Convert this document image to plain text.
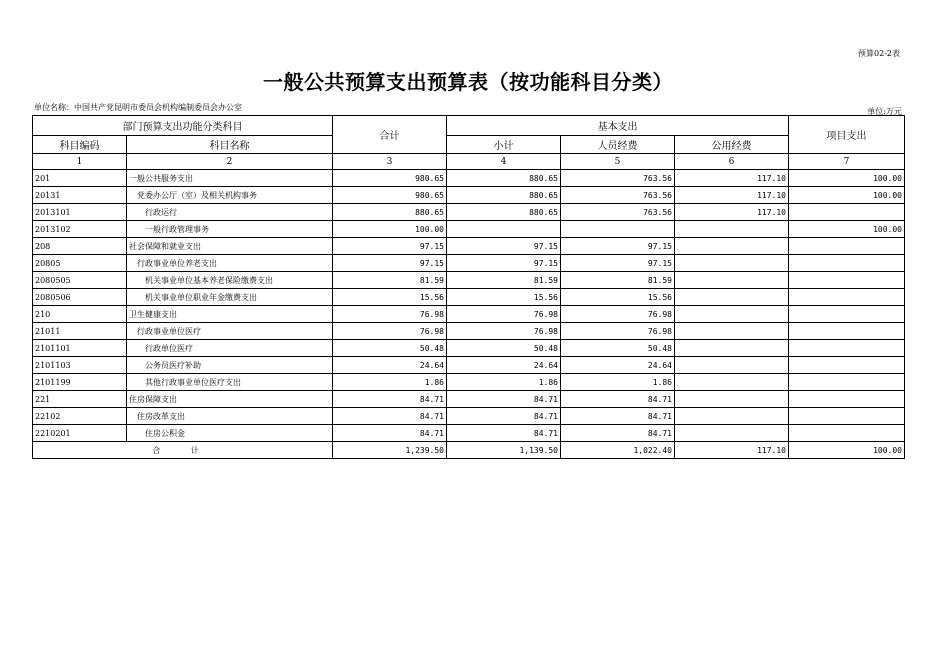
预算02-2表
一般公共预算支出预算表（按功能科目分类）
单位名称：中国共产党昆明市委员会机构编制委员会办公室	单位:万元
部门预算支出功能分类科目		合计	基本支出			项目支出
科目编码	科目名称		小计	人员经费	公用经费	
1	2	3	4	5	6	7
201	一般公共服务支出	980.65	880.65	763.56	117.10	100.00
20131	党委办公厅（室）及相关机构事务	980.65	880.65	763.56	117.10	100.00
2013101	行政运行	880.65	880.65	763.56	117.10	
2013102	一般行政管理事务	100.00				100.00
208	社会保障和就业支出	97.15	97.15	97.15		
20805	行政事业单位养老支出	97.15	97.15	97.15		
2080505	机关事业单位基本养老保险缴费支出	81.59	81.59	81.59		
2080506	机关事业单位职业年金缴费支出	15.56	15.56	15.56		
210	卫生健康支出	76.98	76.98	76.98		
21011	行政事业单位医疗	76.98	76.98	76.98		
2101101	行政单位医疗	50.48	50.48	50.48		
2101103	公务员医疗补助	24.64	24.64	24.64		
2101199	其他行政事业单位医疗支出	1.86	1.86	1.86		
221	住房保障支出	84.71	84.71	84.71		
22102	住房改革支出	84.71	84.71	84.71		
2210201	住房公积金	84.71	84.71	84.71		
合 计		1,239.50	1,139.50	1,022.40	117.10	100.00
